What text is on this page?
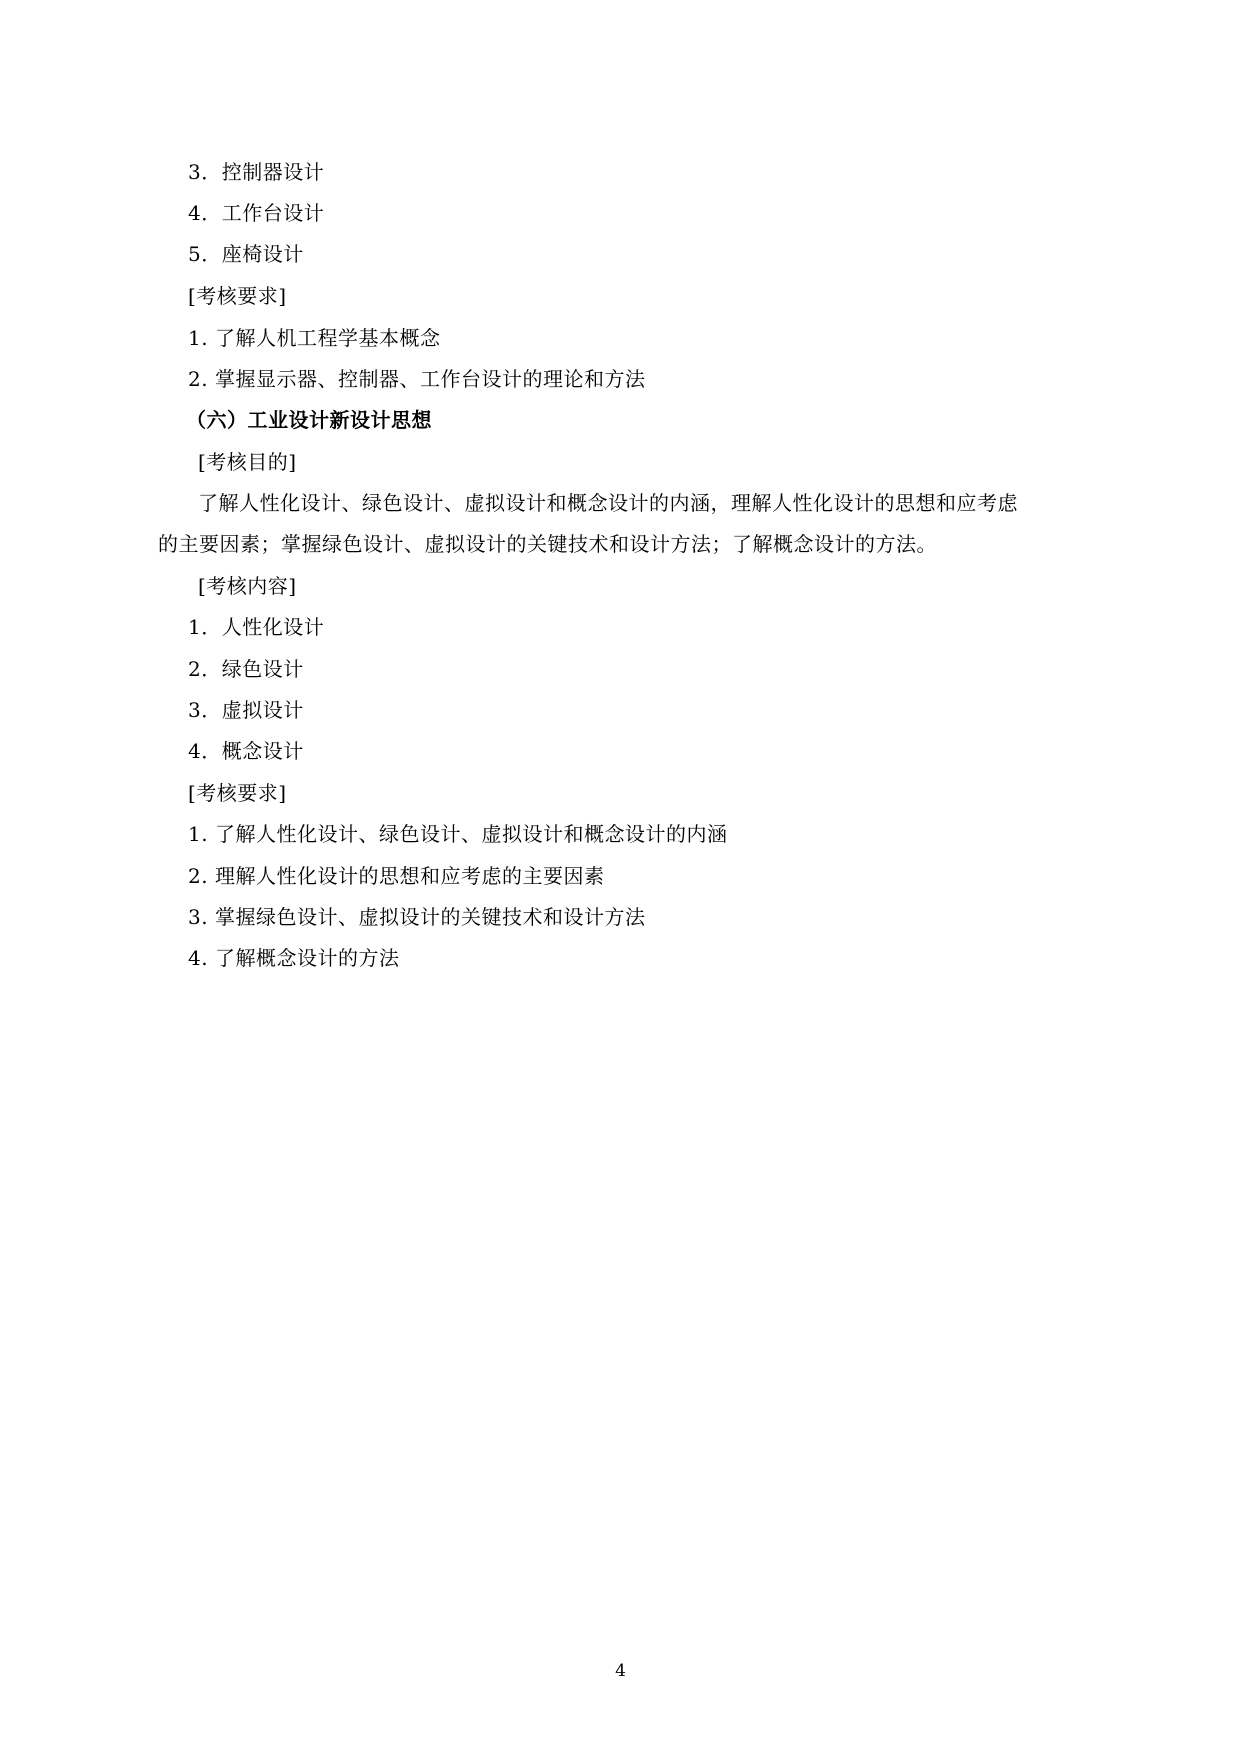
3．控制器设计
4．工作台设计
5．座椅设计
[考核要求]
1. 了解人机工程学基本概念
2. 掌握显示器、控制器、工作台设计的理论和方法
（六）工业设计新设计思想
[考核目的]
了解人性化设计、绿色设计、虚拟设计和概念设计的内涵，理解人性化设计的思想和应考虑
的主要因素；掌握绿色设计、虚拟设计的关键技术和设计方法；了解概念设计的方法。
[考核内容]
1．人性化设计
2．绿色设计
3．虚拟设计
4．概念设计
[考核要求]
1. 了解人性化设计、绿色设计、虚拟设计和概念设计的内涵
2. 理解人性化设计的思想和应考虑的主要因素
3. 掌握绿色设计、虚拟设计的关键技术和设计方法
4. 了解概念设计的方法
4
